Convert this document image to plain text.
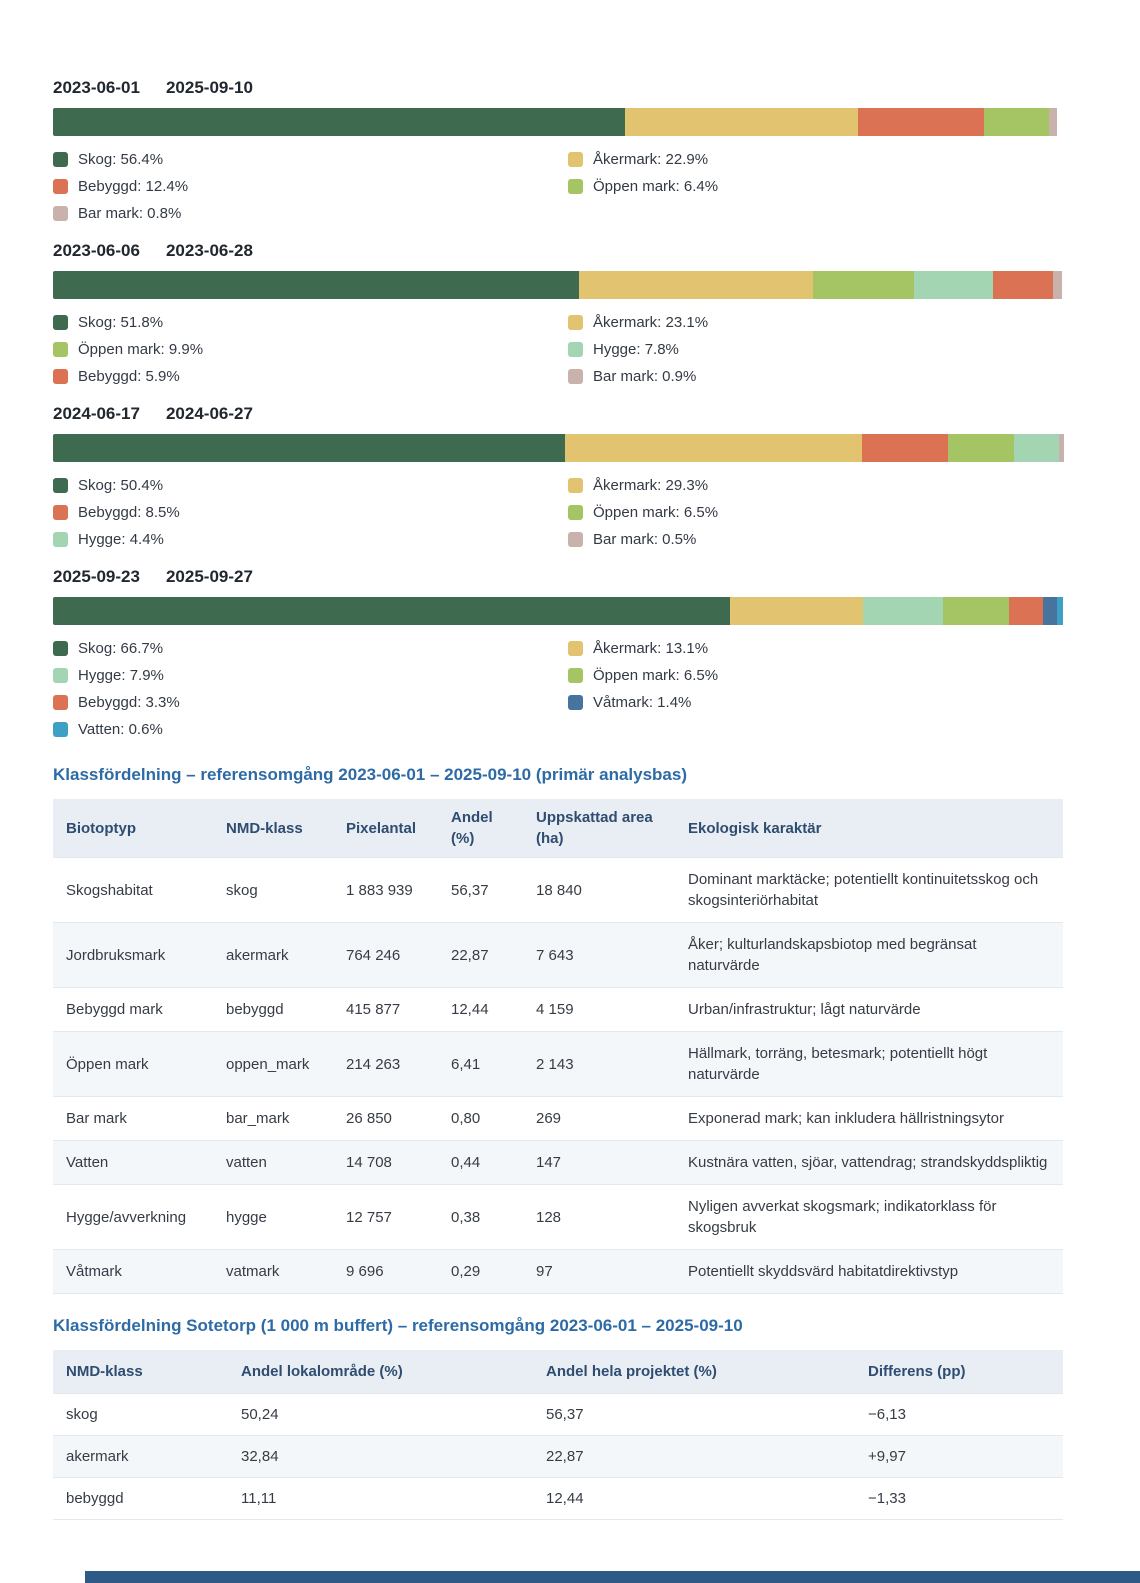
2023-06-01 2025-09-10
Skog: 56.4%	Åkermark: 22.9%
Bebyggd: 12.4%	Öppen mark: 6.4%
Bar mark: 0.8%
2023-06-06 2023-06-28
Skog: 51.8%	Åkermark: 23.1%
Öppen mark: 9.9%	Hygge: 7.8%
Bebyggd: 5.9%	Bar mark: 0.9%
2024-06-17 2024-06-27
Skog: 50.4%	Åkermark: 29.3%
Bebyggd: 8.5%	Öppen mark: 6.5%
Hygge: 4.4%	Bar mark: 0.5%
2025-09-23 2025-09-27
Skog: 66.7%	Åkermark: 13.1%
Hygge: 7.9%	Öppen mark: 6.5%
Bebyggd: 3.3%	Våtmark: 1.4%
Vatten: 0.6%
Klassfördelning – referensomgång 2023-06-01 – 2025-09-10 (primär analysbas)
Biotoptyp	NMD-klass	Pixelantal	Andel (%)	Uppskattad area (ha)	Ekologisk karaktär
Skogshabitat	skog	1 883 939	56,37	18 840	Dominant marktäcke; potentiellt kontinuitetsskog och skogsinteriörhabitat
Jordbruksmark	akermark	764 246	22,87	7 643	Åker; kulturlandskapsbiotop med begränsat naturvärde
Bebyggd mark	bebyggd	415 877	12,44	4 159	Urban/infrastruktur; lågt naturvärde
Öppen mark	oppen_mark	214 263	6,41	2 143	Hällmark, torräng, betesmark; potentiellt högt naturvärde
Bar mark	bar_mark	26 850	0,80	269	Exponerad mark; kan inkludera hällristningsytor
Vatten	vatten	14 708	0,44	147	Kustnära vatten, sjöar, vattendrag; strandskyddspliktig
Hygge/avverkning	hygge	12 757	0,38	128	Nyligen avverkat skogsmark; indikatorklass för skogsbruk
Våtmark	vatmark	9 696	0,29	97	Potentiellt skyddsvärd habitatdirektivstyp
Klassfördelning Sotetorp (1 000 m buffert) – referensomgång 2023-06-01 – 2025-09-10
NMD-klass	Andel lokalområde (%)	Andel hela projektet (%)	Differens (pp)
skog	50,24	56,37	−6,13
akermark	32,84	22,87	+9,97
bebyggd	11,11	12,44	−1,33
